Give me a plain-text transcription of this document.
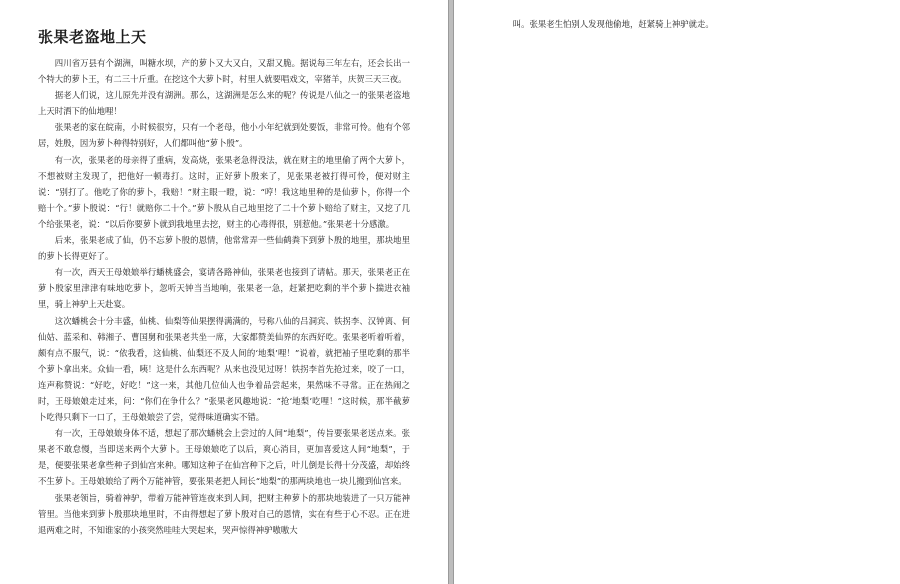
张果老盗地上天

四川省万县有个湖洲，叫糖水坝，产的萝卜又大又白，又甜又脆。据说每三年左右，还会长出一个特大的萝卜王，有二三十斤重。在挖这个大萝卜时，村里人就要唱戏文，宰猪羊，庆贺三天三夜。

据老人们说，这儿原先并没有湖洲。那么，这湖洲是怎么来的呢？传说是八仙之一的张果老盗地上天时洒下的仙地哩！

张果老的家在皖南，小时候很穷，只有一个老母，他小小年纪就到处要饭，非常可怜。他有个邻居，姓殷，因为萝卜种得特别好，人们都叫他“萝卜殷”。

有一次，张果老的母亲得了重病，发高烧，张果老急得没法，就在财主的地里偷了两个大萝卜，不想被财主发现了，把他好一顿毒打。这时，正好萝卜殷来了，见张果老被打得可怜，便对财主说：“别打了。他吃了你的萝卜，我赔！”财主眼一瞪，说：“哼！我这地里种的是仙萝卜，你得一个赔十个。”萝卜殷说：“行！就赔你二十个。”萝卜殷从自己地里挖了二十个萝卜赔给了财主，又挖了几个给张果老，说：“以后你要萝卜就到我地里去挖，财主的心毒得很，别惹他。”张果老十分感激。

后来，张果老成了仙，仍不忘萝卜殷的恩情，他常常弄一些仙鹤粪下到萝卜殷的地里，那块地里的萝卜长得更好了。

有一次，西天王母娘娘举行蟠桃盛会，宴请各路神仙，张果老也接到了请帖。那天，张果老正在萝卜殷家里津津有味地吃萝卜，忽听天钟当当地响，张果老一急，赶紧把吃剩的半个萝卜揣进衣袖里，骑上神驴上天赴宴。

这次蟠桃会十分丰盛，仙桃、仙梨等仙果摆得满满的，号称八仙的吕洞宾、铁拐李、汉钟离、何仙姑、蓝采和、韩湘子、曹国舅和张果老共坐一席，大家都赞美仙界的东西好吃。张果老听着听着，颇有点不服气，说：“依我看，这仙桃、仙梨还不及人间的‘地梨’哩！”说着，就把袖子里吃剩的那半个萝卜拿出来。众仙一看，咦！这是什么东西呢？从来也没见过呀！铁拐李首先抢过来，咬了一口，连声称赞说：“好吃，好吃！”这一来，其他几位仙人也争着品尝起来，果然味不寻常。正在热闹之时，王母娘娘走过来，问：“你们在争什么？”张果老风趣地说：“抢‘地梨’吃哩！”这时候，那半截萝卜吃得只剩下一口了，王母娘娘尝了尝，觉得味道确实不错。

有一次，王母娘娘身体不适，想起了那次蟠桃会上尝过的人间“地梨”，传旨要张果老送点来。张果老不敢怠慢，当即送来两个大萝卜。王母娘娘吃了以后，爽心消目，更加喜爱这人间“地梨”，于是，便要张果老拿些种子到仙宫来种。哪知这种子在仙宫种下之后，叶儿倒是长得十分茂盛，却始终不生萝卜。王母娘娘给了两个万能神管，要张果老把人间长“地梨”的那两块地也一块儿搬到仙宫来。

张果老领旨，骑着神驴，带着万能神管连夜来到人间，把财主种萝卜的那块地装进了一只万能神管里。当他来到萝卜殷那块地里时，不由得想起了萝卜殷对自己的恩情，实在有些于心不忍。正在进退两难之时，不知谁家的小孩突然哇哇大哭起来，哭声惊得神驴嗷嗷大

叫。张果老生怕别人发现他偷地，赶紧骑上神驴就走。
